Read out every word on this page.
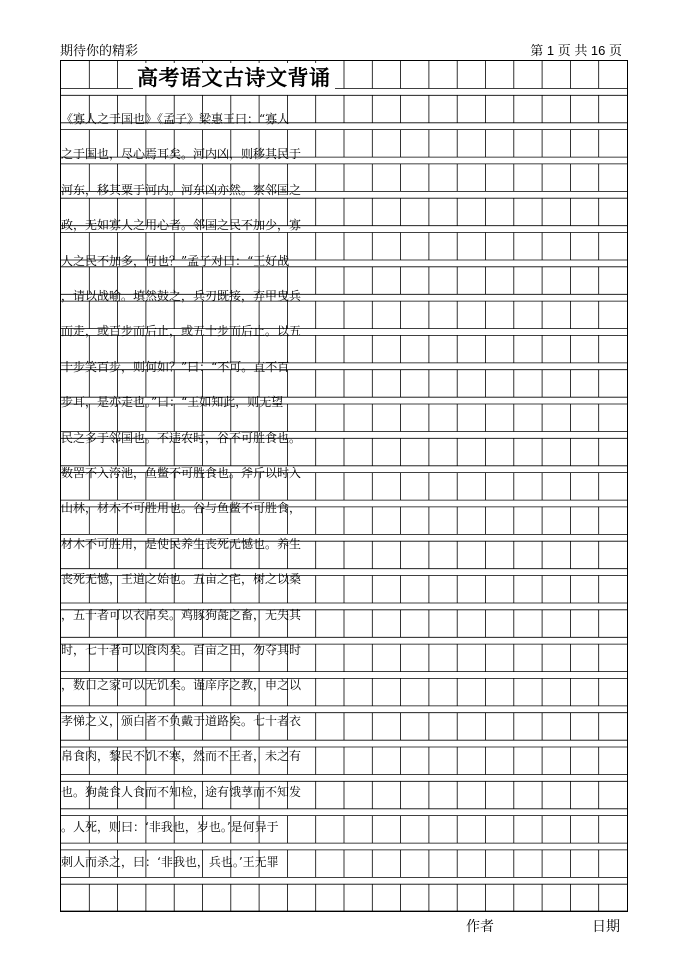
期待你的精彩	第 1 页 共 16 页
高考语文古诗文背诵
《寡人之于国也》《孟子》梁惠王曰：“寡人
之于国也，尽心焉耳矣。河内凶，则移其民于
河东，移其粟于河内。河东凶亦然。察邻国之
政，无如寡人之用心者。邻国之民不加少，寡
人之民不加多，何也？”孟子对曰：“王好战
，请以战喻。填然鼓之，兵刃既接，弃甲曳兵
而走，或百步而后止，或五十步而后止。以五
十步笑百步，则何如？”曰：“不可。直不百
步耳，是亦走也。”曰：“王如知此，则无望
民之多于邻国也。不违农时，谷不可胜食也。
数罟不入洿池，鱼鳖不可胜食也。斧斤以时入
山林，材木不可胜用也。谷与鱼鳖不可胜食，
材木不可胜用，是使民养生丧死无憾也。养生
丧死无憾，王道之始也。五亩之宅，树之以桑
，五十者可以衣帛矣。鸡豚狗彘之畜，无失其
时，七十者可以食肉矣。百亩之田，勿夺其时
，数口之家可以无饥矣。谨庠序之教，申之以
孝悌之义，颁白者不负戴于道路矣。七十者衣
帛食肉，黎民不饥不寒，然而不王者，未之有
也。狗彘食人食而不知检，途有饿莩而不知发
。人死，则曰：‘非我也，岁也。’是何异于
刺人而杀之，曰：‘非我也，兵也。’王无罪
作者	日期
